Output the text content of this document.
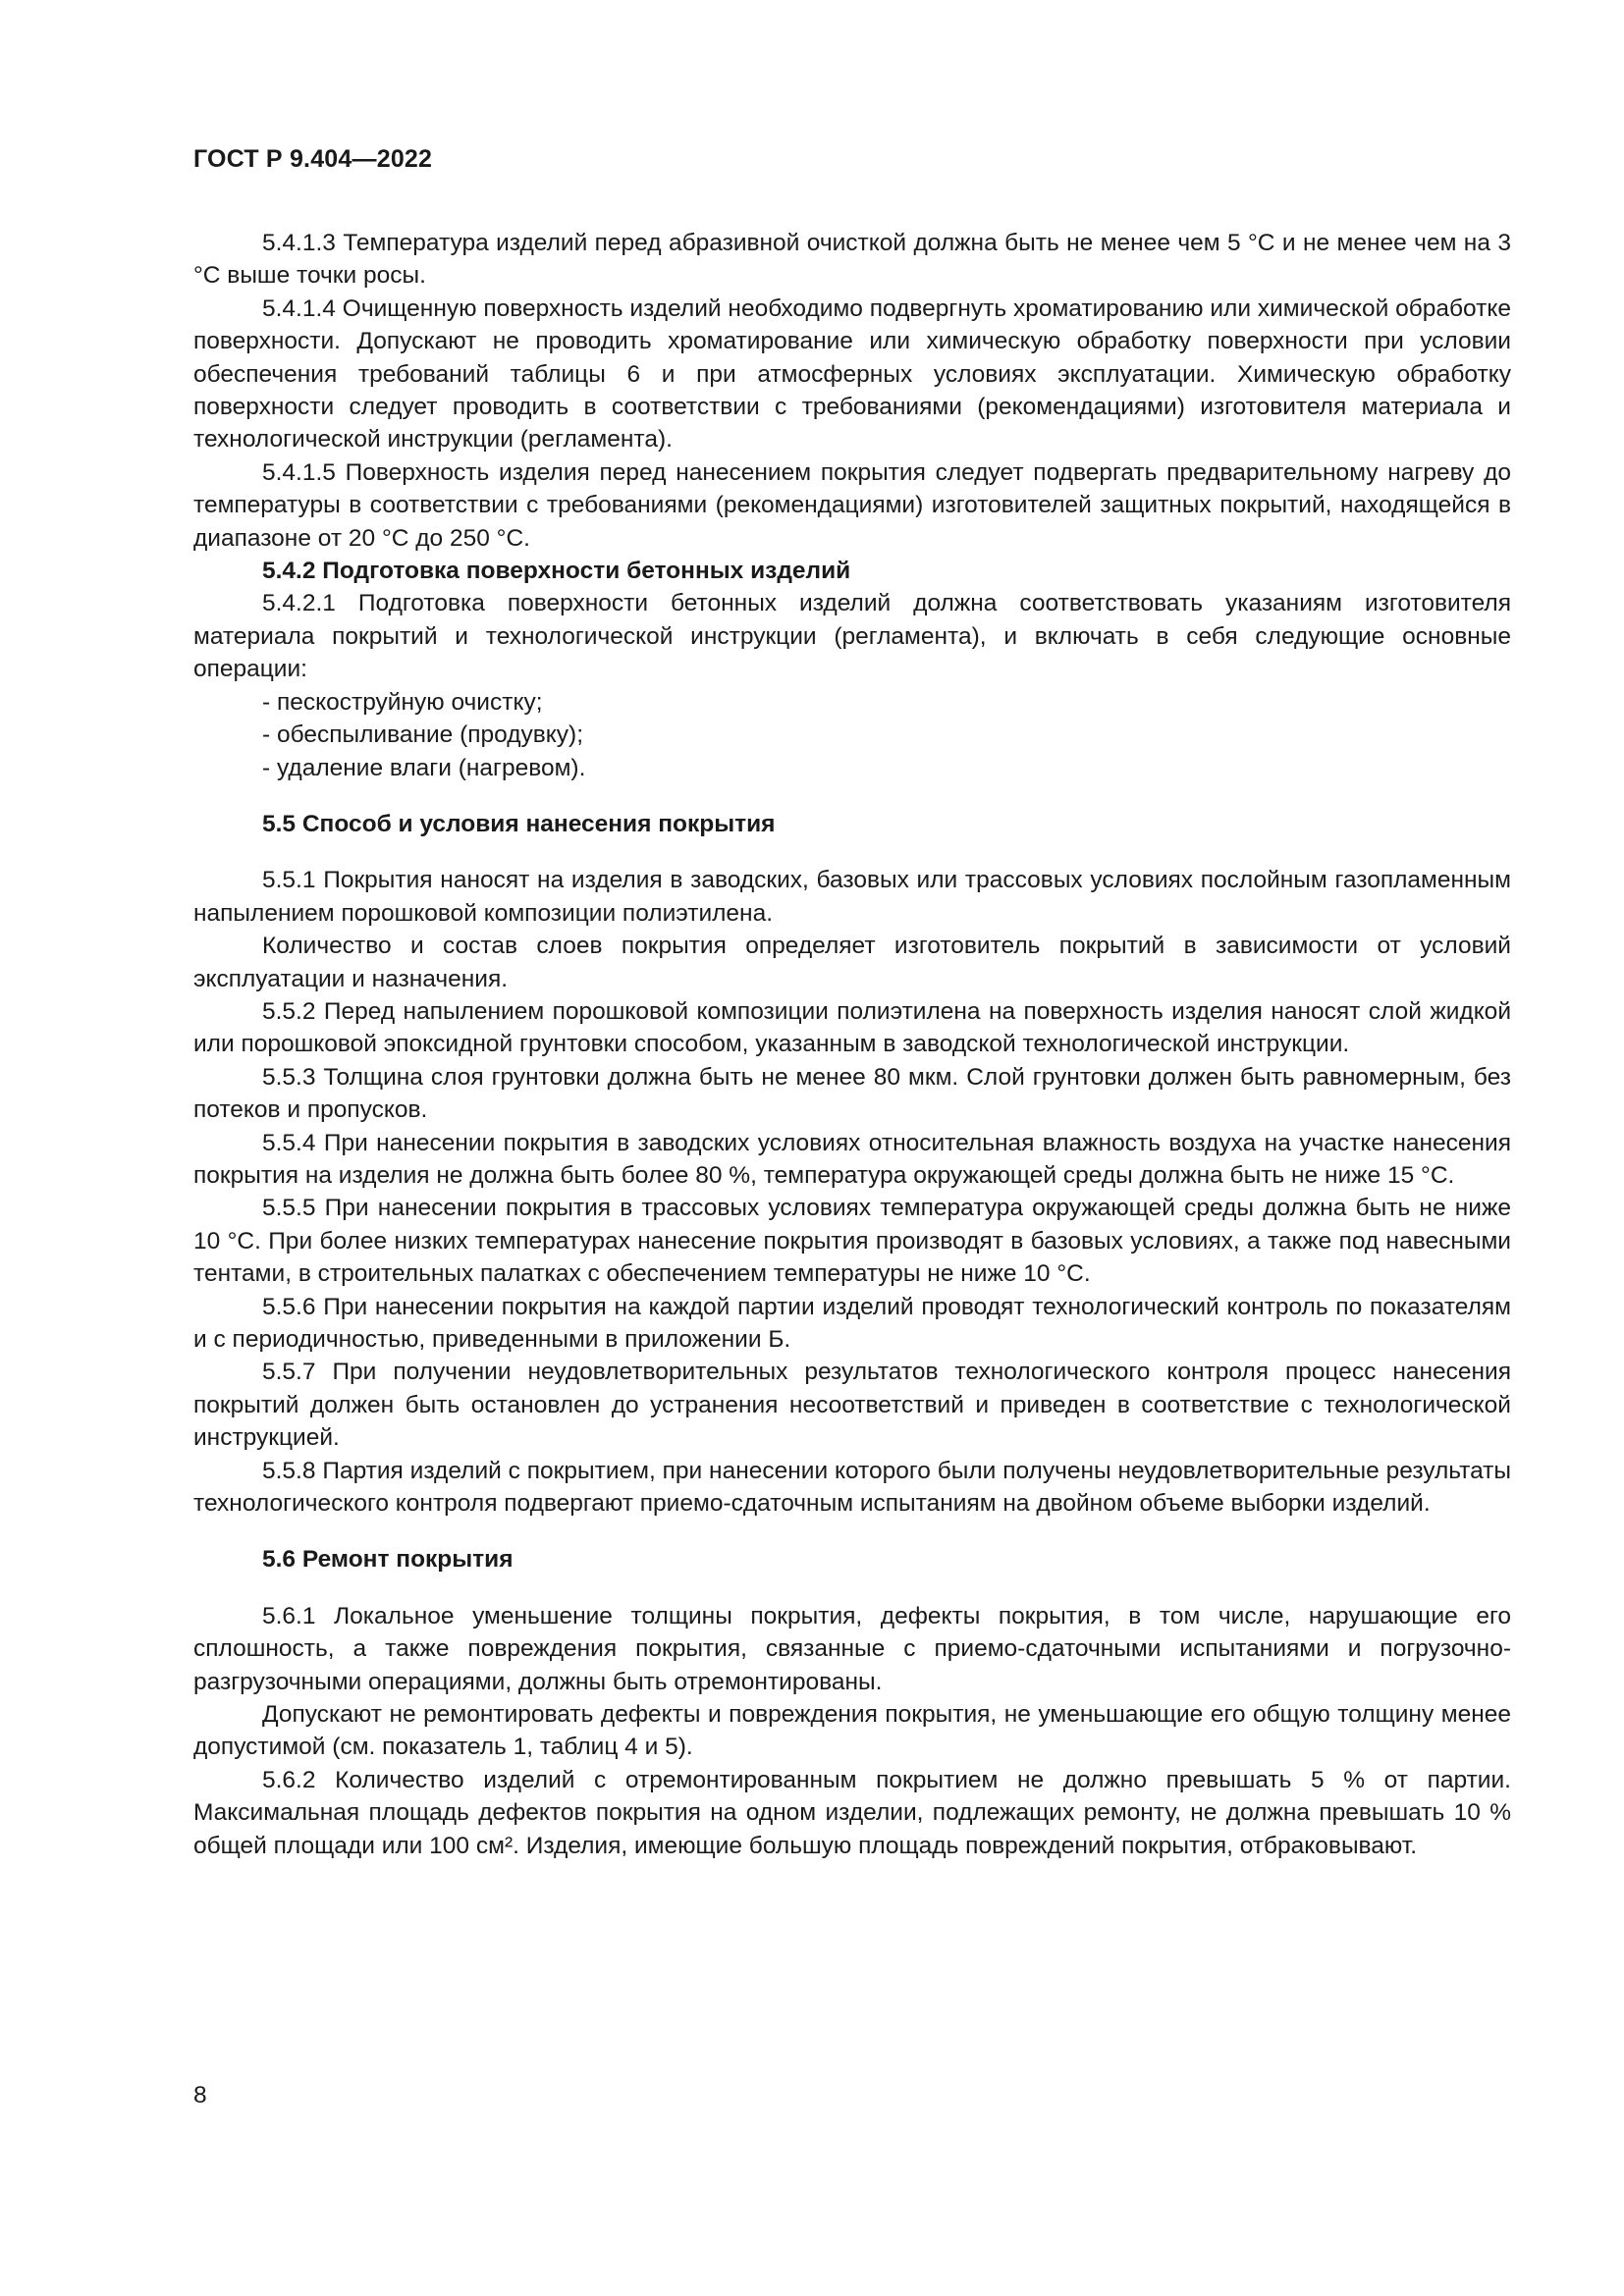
ГОСТ Р 9.404—2022

5.4.1.3 Температура изделий перед абразивной очисткой должна быть не менее чем 5 °С и не менее чем на 3 °С выше точки росы.

5.4.1.4 Очищенную поверхность изделий необходимо подвергнуть хроматированию или химической обработке поверхности. Допускают не проводить хроматирование или химическую обработку поверхности при условии обеспечения требований таблицы 6 и при атмосферных условиях эксплуатации. Химическую обработку поверхности следует проводить в соответствии с требованиями (рекомендациями) изготовителя материала и технологической инструкции (регламента).

5.4.1.5 Поверхность изделия перед нанесением покрытия следует подвергать предварительному нагреву до температуры в соответствии с требованиями (рекомендациями) изготовителей защитных покрытий, находящейся в диапазоне от 20 °С до 250 °С.

5.4.2 Подготовка поверхности бетонных изделий

5.4.2.1 Подготовка поверхности бетонных изделий должна соответствовать указаниям изготовителя материала покрытий и технологической инструкции (регламента), и включать в себя следующие основные операции:

- пескоструйную очистку;

- обеспыливание (продувку);

- удаление влаги (нагревом).

5.5 Способ и условия нанесения покрытия

5.5.1 Покрытия наносят на изделия в заводских, базовых или трассовых условиях послойным газопламенным напылением порошковой композиции полиэтилена.

Количество и состав слоев покрытия определяет изготовитель покрытий в зависимости от условий эксплуатации и назначения.

5.5.2 Перед напылением порошковой композиции полиэтилена на поверхность изделия наносят слой жидкой или порошковой эпоксидной грунтовки способом, указанным в заводской технологической инструкции.

5.5.3 Толщина слоя грунтовки должна быть не менее 80 мкм. Слой грунтовки должен быть равномерным, без потеков и пропусков.

5.5.4 При нанесении покрытия в заводских условиях относительная влажность воздуха на участке нанесения покрытия на изделия не должна быть более 80 %, температура окружающей среды должна быть не ниже 15 °С.

5.5.5 При нанесении покрытия в трассовых условиях температура окружающей среды должна быть не ниже 10 °С. При более низких температурах нанесение покрытия производят в базовых условиях, а также под навесными тентами, в строительных палатках с обеспечением температуры не ниже 10 °С.

5.5.6 При нанесении покрытия на каждой партии изделий проводят технологический контроль по показателям и с периодичностью, приведенными в приложении Б.

5.5.7 При получении неудовлетворительных результатов технологического контроля процесс нанесения покрытий должен быть остановлен до устранения несоответствий и приведен в соответствие с технологической инструкцией.

5.5.8 Партия изделий с покрытием, при нанесении которого были получены неудовлетворительные результаты технологического контроля подвергают приемо-сдаточным испытаниям на двойном объеме выборки изделий.

5.6 Ремонт покрытия

5.6.1 Локальное уменьшение толщины покрытия, дефекты покрытия, в том числе, нарушающие его сплошность, а также повреждения покрытия, связанные с приемо-сдаточными испытаниями и погрузочно-разгрузочными операциями, должны быть отремонтированы.

Допускают не ремонтировать дефекты и повреждения покрытия, не уменьшающие его общую толщину менее допустимой (см. показатель 1, таблиц 4 и 5).

5.6.2 Количество изделий с отремонтированным покрытием не должно превышать 5 % от партии. Максимальная площадь дефектов покрытия на одном изделии, подлежащих ремонту, не должна превышать 10 % общей площади или 100 см². Изделия, имеющие большую площадь повреждений покрытия, отбраковывают.

8
